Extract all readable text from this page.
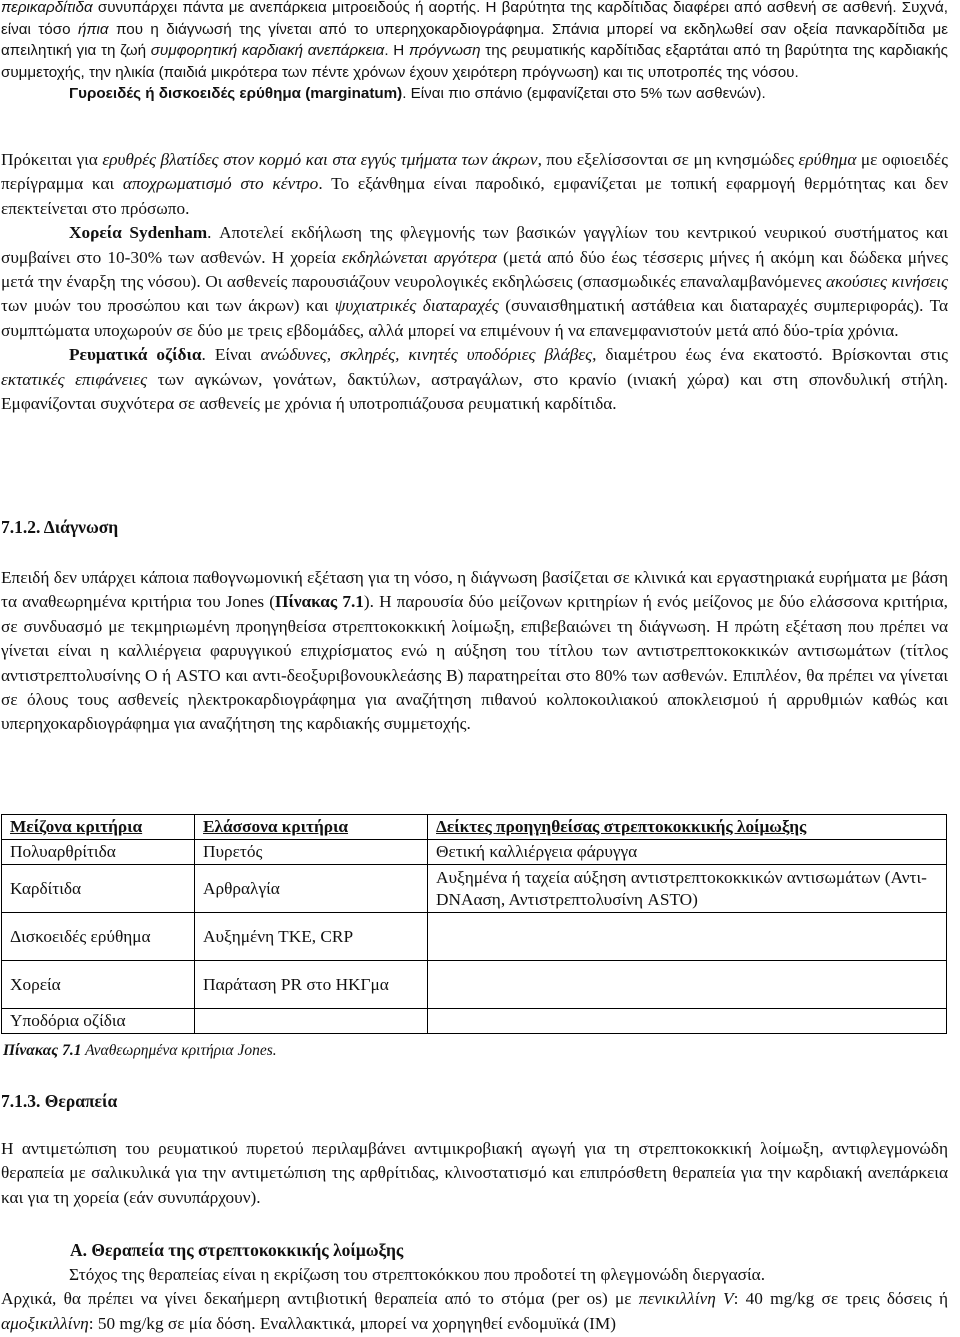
περικαρδίτιδα συνυπάρχει πάντα με ανεπάρκεια μιτροειδούς ή αορτής. Η βαρύτητα της καρδίτιδας διαφέρει από ασθενή σε ασθενή. Συχνά, είναι τόσο ήπια που η διάγνωσή της γίνεται από το υπερηχοκαρδιογράφημα. Σπάνια μπορεί να εκδηλωθεί σαν οξεία πανκαρδίτιδα με απειλητική για τη ζωή συμφορητική καρδιακή ανεπάρκεια. Η πρόγνωση της ρευματικής καρδίτιδας εξαρτάται από τη βαρύτητα της καρδιακής συμμετοχής, την ηλικία (παιδιά μικρότερα των πέντε χρόνων έχουν χειρότερη πρόγνωση) και τις υποτροπές της νόσου.

Γυροειδές ή δισκοειδές ερύθημα (marginatum). Είναι πιο σπάνιο (εμφανίζεται στο 5% των ασθενών).

Πρόκειται για ερυθρές βλατίδες στον κορμό και στα εγγύς τμήματα των άκρων, που εξελίσσονται σε μη κνησμώδες ερύθημα με οφιοειδές περίγραμμα και αποχρωματισμό στο κέντρο. Το εξάνθημα είναι παροδικό, εμφανίζεται με τοπική εφαρμογή θερμότητας και δεν επεκτείνεται στο πρόσωπο.

Χορεία Sydenham. Αποτελεί εκδήλωση της φλεγμονής των βασικών γαγγλίων του κεντρικού νευρικού συστήματος και συμβαίνει στο 10-30% των ασθενών. Η χορεία εκδηλώνεται αργότερα (μετά από δύο έως τέσσερις μήνες ή ακόμη και δώδεκα μήνες μετά την έναρξη της νόσου). Οι ασθενείς παρουσιάζουν νευρολογικές εκδηλώσεις (σπασμωδικές επαναλαμβανόμενες ακούσιες κινήσεις των μυών του προσώπου και των άκρων) και ψυχιατρικές διαταραχές (συναισθηματική αστάθεια και διαταραχές συμπεριφοράς). Τα συμπτώματα υποχωρούν σε δύο με τρεις εβδομάδες, αλλά μπορεί να επιμένουν ή να επανεμφανιστούν μετά από δύο-τρία χρόνια.

Ρευματικά οζίδια. Είναι ανώδυνες, σκληρές, κινητές υποδόριες βλάβες, διαμέτρου έως ένα εκατοστό. Βρίσκονται στις εκτατικές επιφάνειες των αγκώνων, γονάτων, δακτύλων, αστραγάλων, στο κρανίο (ινιακή χώρα) και στη σπονδυλική στήλη. Εμφανίζονται συχνότερα σε ασθενείς με χρόνια ή υποτροπιάζουσα ρευματική καρδίτιδα.

7.1.2. Διάγνωση

Επειδή δεν υπάρχει κάποια παθογνωμονική εξέταση για τη νόσο, η διάγνωση βασίζεται σε κλινικά και εργαστηριακά ευρήματα με βάση τα αναθεωρημένα κριτήρια του Jones (Πίνακας 7.1). Η παρουσία δύο μείζονων κριτηρίων ή ενός μείζονος με δύο ελάσσονα κριτήρια, σε συνδυασμό με τεκμηριωμένη προηγηθείσα στρεπτοκοκκική λοίμωξη, επιβεβαιώνει τη διάγνωση. Η πρώτη εξέταση που πρέπει να γίνεται είναι η καλλιέργεια φαρυγγικού επιχρίσματος ενώ η αύξηση του τίτλου των αντιστρεπτοκοκκικών αντισωμάτων (τίτλος αντιστρεπτολυσίνης Ο ή ASTO και αντι-δεοξυριβονουκλεάσης Β) παρατηρείται στο 80% των ασθενών. Επιπλέον, θα πρέπει να γίνεται σε όλους τους ασθενείς ηλεκτροκαρδιογράφημα για αναζήτηση πιθανού κολποκοιλιακού αποκλεισμού ή αρρυθμιών καθώς και υπερηχοκαρδιογράφημα για αναζήτηση της καρδιακής συμμετοχής.

Μείζονα κριτήρια	Ελάσσονα κριτήρια	Δείκτες προηγηθείσας στρεπτοκοκκικής λοίμωξης
Πολυαρθρίτιδα	Πυρετός	Θετική καλλιέργεια φάρυγγα
Καρδίτιδα	Αρθραλγία	Αυξημένα ή ταχεία αύξηση αντιστρεπτοκοκκικών αντισωμάτων (Αντι-DNAαση, Αντιστρεπτολυσίνη ASTO)
Δισκοειδές ερύθημα	Αυξημένη ΤΚΕ, CRP	
Χορεία	Παράταση PR στο ΗΚΓμα	
Υποδόρια οζίδια		
Πίνακας 7.1 Αναθεωρημένα κριτήρια Jones.
7.1.3. Θεραπεία

Η αντιμετώπιση του ρευματικού πυρετού περιλαμβάνει αντιμικροβιακή αγωγή για τη στρεπτοκοκκική λοίμωξη, αντιφλεγμονώδη θεραπεία με σαλικυλικά για την αντιμετώπιση της αρθρίτιδας, κλινοστατισμό και επιπρόσθετη θεραπεία για την καρδιακή ανεπάρκεια και για τη χορεία (εάν συνυπάρχουν).

Α. Θεραπεία της στρεπτοκοκκικής λοίμωξης

Στόχος της θεραπείας είναι η εκρίζωση του στρεπτοκόκκου που προδοτεί τη φλεγμονώδη διεργασία.

Αρχικά, θα πρέπει να γίνει δεκαήμερη αντιβιοτική θεραπεία από το στόμα (per os) με πενικιλλίνη V: 40 mg/kg σε τρεις δόσεις ή αμοξικιλλίνη: 50 mg/kg σε μία δόση. Εναλλακτικά, μπορεί να χορηγηθεί ενδομυϊκά (IM)
